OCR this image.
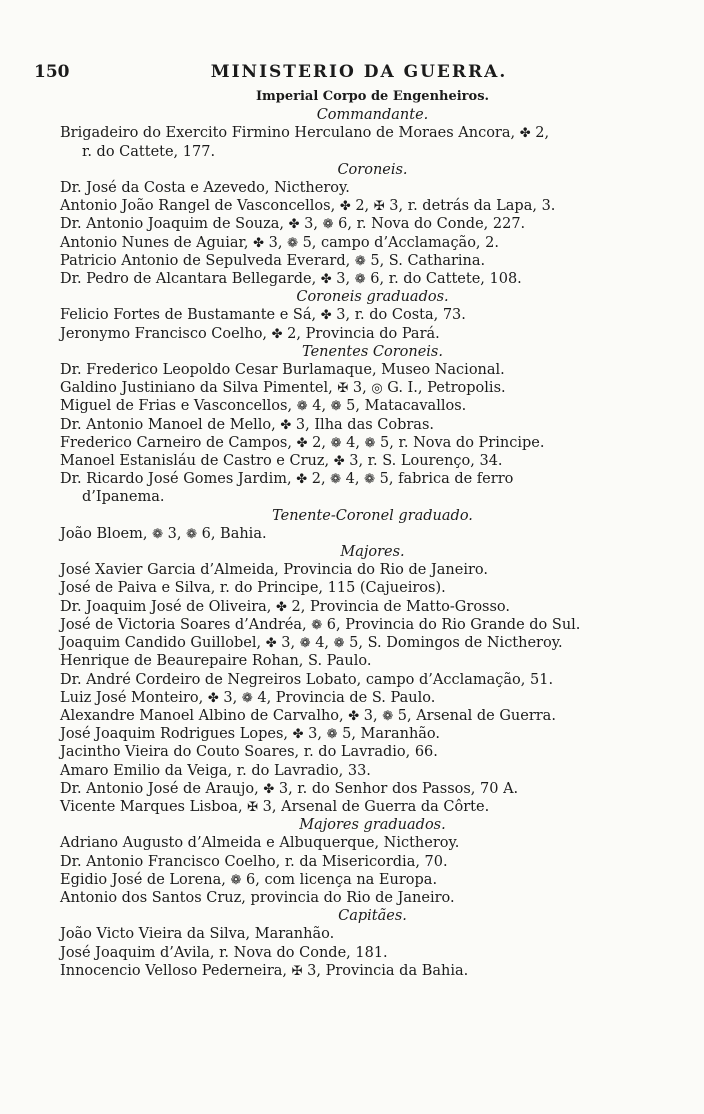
150	MINISTERIO DA GUERRA.
Imperial Corpo de Engenheiros.
Commandante.
Brigadeiro do Exercito Firmino Herculano de Moraes Ancora, ✤ 2,
r. do Cattete, 177.
Coroneis.
Dr. José da Costa e Azevedo, Nictheroy.
Antonio João Rangel de Vasconcellos, ✤ 2, ✠ 3, r. detrás da Lapa, 3.
Dr. Antonio Joaquim de Souza, ✤ 3, ❁ 6, r. Nova do Conde, 227.
Antonio Nunes de Aguiar, ✤ 3, ❁ 5, campo d’Acclamação, 2.
Patricio Antonio de Sepulveda Everard, ❁ 5, S. Catharina.
Dr. Pedro de Alcantara Bellegarde, ✤ 3, ❁ 6, r. do Cattete, 108.
Coroneis graduados.
Felicio Fortes de Bustamante e Sá, ✤ 3, r. do Costa, 73.
Jeronymo Francisco Coelho, ✤ 2, Provincia do Pará.
Tenentes Coroneis.
Dr. Frederico Leopoldo Cesar Burlamaque, Museo Nacional.
Galdino Justiniano da Silva Pimentel, ✠ 3, ◎ G. I., Petropolis.
Miguel de Frias e Vasconcellos, ❁ 4, ❁ 5, Matacavallos.
Dr. Antonio Manoel de Mello, ✤ 3, Ilha das Cobras.
Frederico Carneiro de Campos, ✤ 2, ❁ 4, ❁ 5, r. Nova do Principe.
Manoel Estanisláu de Castro e Cruz, ✤ 3, r. S. Lourenço, 34.
Dr. Ricardo José Gomes Jardim, ✤ 2, ❁ 4, ❁ 5, fabrica de ferro
d’Ipanema.
Tenente-Coronel graduado.
João Bloem, ❁ 3, ❁ 6, Bahia.
Majores.
José Xavier Garcia d’Almeida, Provincia do Rio de Janeiro.
José de Paiva e Silva, r. do Principe, 115 (Cajueiros).
Dr. Joaquim José de Oliveira, ✤ 2, Provincia de Matto-Grosso.
José de Victoria Soares d’Andréa, ❁ 6, Provincia do Rio Grande do Sul.
Joaquim Candido Guillobel, ✤ 3, ❁ 4, ❁ 5, S. Domingos de Nictheroy.
Henrique de Beaurepaire Rohan, S. Paulo.
Dr. André Cordeiro de Negreiros Lobato, campo d’Acclamação, 51.
Luiz José Monteiro, ✤ 3, ❁ 4, Provincia de S. Paulo.
Alexandre Manoel Albino de Carvalho, ✤ 3, ❁ 5, Arsenal de Guerra.
José Joaquim Rodrigues Lopes, ✤ 3, ❁ 5, Maranhão.
Jacintho Vieira do Couto Soares, r. do Lavradio, 66.
Amaro Emilio da Veiga, r. do Lavradio, 33.
Dr. Antonio José de Araujo, ✤ 3, r. do Senhor dos Passos, 70 A.
Vicente Marques Lisboa, ✠ 3, Arsenal de Guerra da Côrte.
Majores graduados.
Adriano Augusto d’Almeida e Albuquerque, Nictheroy.
Dr. Antonio Francisco Coelho, r. da Misericordia, 70.
Egidio José de Lorena, ❁ 6, com licença na Europa.
Antonio dos Santos Cruz, provincia do Rio de Janeiro.
Capitães.
João Victo Vieira da Silva, Maranhão.
José Joaquim d’Avila, r. Nova do Conde, 181.
Innocencio Velloso Pederneira, ✠ 3, Provincia da Bahia.
